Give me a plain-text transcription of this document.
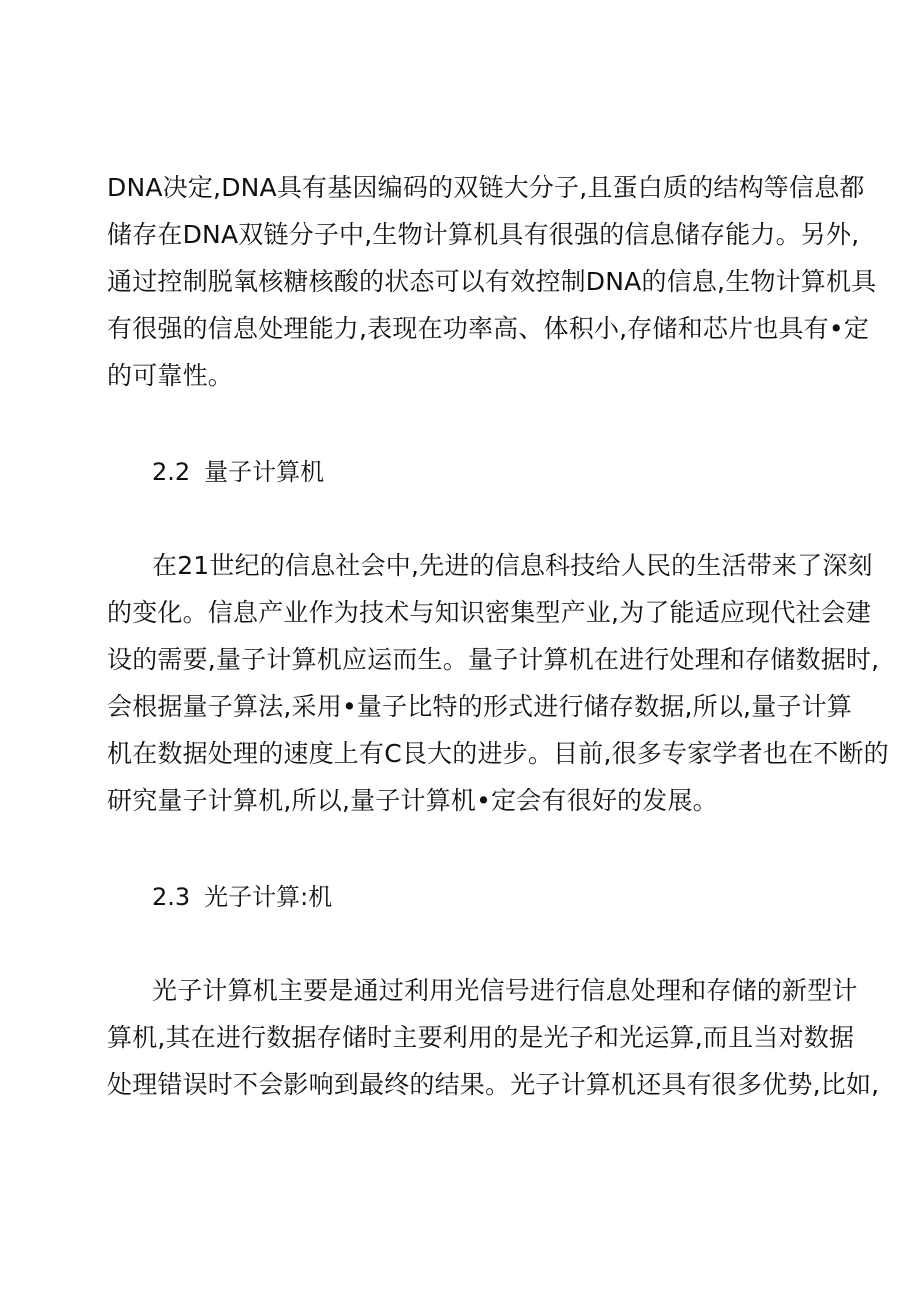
DNA决定,DNA具有基因编码的双链大分子,且蛋白质的结构等信息都
储存在DNA双链分子中,生物计算机具有很强的信息储存能力。另外,
通过控制脱氧核糖核酸的状态可以有效控制DNA的信息,生物计算机具
有很强的信息处理能力,表现在功率高、体积小,存储和芯片也具有•定
的可靠性。
2.2 量子计算机
在21世纪的信息社会中,先进的信息科技给人民的生活带来了深刻
的变化。信息产业作为技术与知识密集型产业,为了能适应现代社会建
设的需要,量子计算机应运而生。量子计算机在进行处理和存储数据时,
会根据量子算法,采用•量子比特的形式进行储存数据,所以,量子计算
机在数据处理的速度上有C艮大的进步。目前,很多专家学者也在不断的
研究量子计算机,所以,量子计算机•定会有很好的发展。
2.3 光子计算:机
光子计算机主要是通过利用光信号进行信息处理和存储的新型计
算机,其在进行数据存储时主要利用的是光子和光运算,而且当对数据
处理错误时不会影响到最终的结果。光子计算机还具有很多优势,比如,
